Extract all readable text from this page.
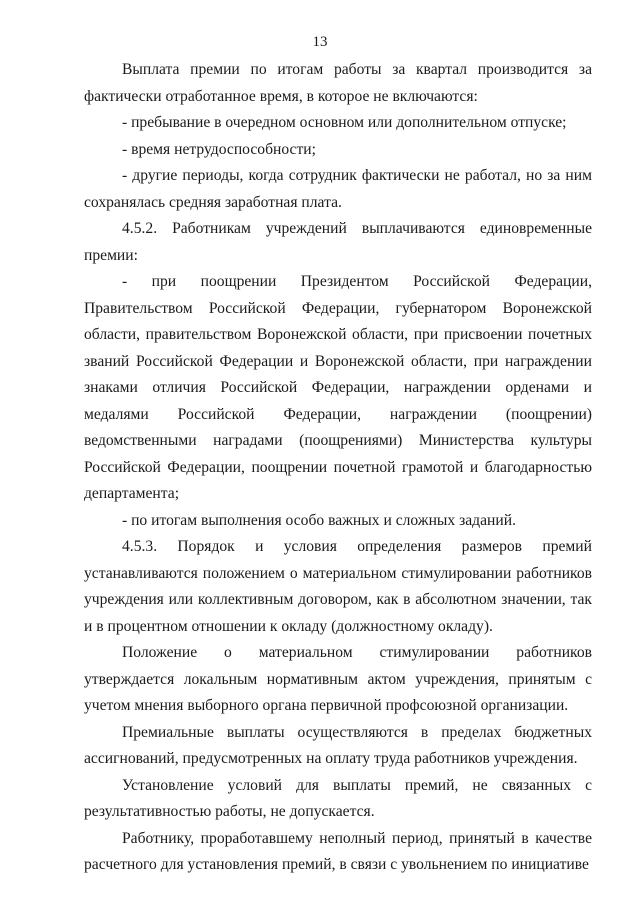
13

Выплата премии по итогам работы за квартал производится за фактически отработанное время, в которое не включаются:

- пребывание в очередном основном или дополнительном отпуске;

- время нетрудоспособности;

- другие периоды, когда сотрудник фактически не работал, но за ним сохранялась средняя заработная плата.

4.5.2. Работникам учреждений выплачиваются единовременные премии:

- при поощрении Президентом Российской Федерации, Правительством Российской Федерации, губернатором Воронежской области, правительством Воронежской области, при присвоении почетных званий Российской Федерации и Воронежской области, при награждении знаками отличия Российской Федерации, награждении орденами и медалями Российской Федерации, награждении (поощрении) ведомственными наградами (поощрениями) Министерства культуры Российской Федерации, поощрении почетной грамотой и благодарностью департамента;

- по итогам выполнения особо важных и сложных заданий.

4.5.3. Порядок и условия определения размеров премий устанавливаются положением о материальном стимулировании работников учреждения или коллективным договором, как в абсолютном значении, так и в процентном отношении к окладу (должностному окладу).

Положение о материальном стимулировании работников утверждается локальным нормативным актом учреждения, принятым с учетом мнения выборного органа первичной профсоюзной организации.

Премиальные выплаты осуществляются в пределах бюджетных ассигнований, предусмотренных на оплату труда работников учреждения.

Установление условий для выплаты премий, не связанных с результативностью работы, не допускается.

Работнику, проработавшему неполный период, принятый в качестве расчетного для установления премий, в связи с увольнением по инициативе
